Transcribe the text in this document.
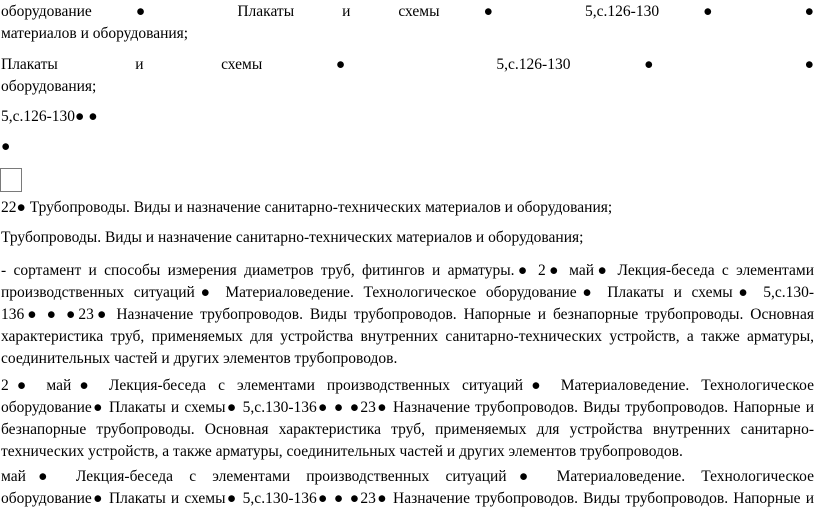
оборудование● Плакаты и схемы● 5,с.126-130● ●
материалов и оборудования;
Плакаты и схемы● 5,с.126-130● ●
оборудования;
5,с.126-130● ●
●
22● Трубопроводы. Виды и назначение санитарно-технических материалов и оборудования;
Трубопроводы. Виды и назначение санитарно-технических материалов и оборудования;
- сортамент и способы измерения диаметров труб, фитингов и арматуры.● 2● май● Лекция-беседа с элементами
производственных ситуаций● Материаловедение. Технологическое оборудование● Плакаты и схемы● 5,с.130-
136● ● ●23● Назначение трубопроводов. Виды трубопроводов. Напорные и безнапорные трубопроводы. Основная
характеристика труб, применяемых для устройства внутренних санитарно-технических устройств, а также арматуры,
соединительных частей и других элементов трубопроводов.
2● май● Лекция-беседа с элементами производственных ситуаций● Материаловедение. Технологическое
оборудование● Плакаты и схемы● 5,с.130-136● ● ●23● Назначение трубопроводов. Виды трубопроводов. Напорные и
безнапорные трубопроводы. Основная характеристика труб, применяемых для устройства внутренних санитарно-
технических устройств, а также арматуры, соединительных частей и других элементов трубопроводов.
май● Лекция-беседа с элементами производственных ситуаций● Материаловедение. Технологическое
оборудование● Плакаты и схемы● 5,с.130-136● ● ●23● Назначение трубопроводов. Виды трубопроводов. Напорные и
